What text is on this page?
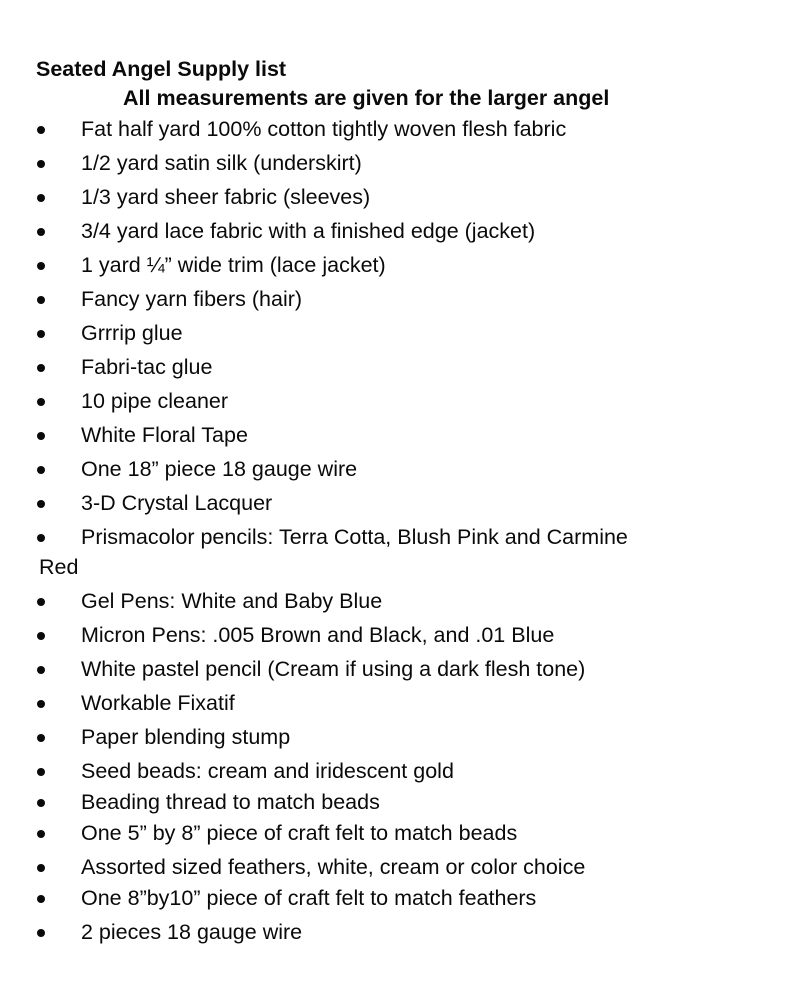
Seated Angel Supply list
All measurements are given for the larger angel
Fat half yard 100% cotton tightly woven flesh fabric
1/2 yard satin silk (underskirt)
1/3 yard sheer fabric (sleeves)
3/4 yard lace fabric with a finished edge (jacket)
1 yard ¼” wide trim (lace jacket)
Fancy yarn fibers (hair)
Grrrip glue
Fabri-tac glue
10 pipe cleaner
White Floral Tape
One 18” piece 18 gauge wire
3-D Crystal Lacquer
Prismacolor pencils: Terra Cotta, Blush Pink and Carmine
Red
Gel Pens: White and Baby Blue
Micron Pens: .005 Brown and Black, and .01 Blue
White pastel pencil (Cream if using a dark flesh tone)
Workable Fixatif
Paper blending stump
Seed beads: cream and iridescent gold
Beading thread to match beads
One 5” by 8” piece of craft felt to match beads
Assorted sized feathers, white, cream or color choice
One 8”by10” piece of craft felt to match feathers
2 pieces 18 gauge wire
